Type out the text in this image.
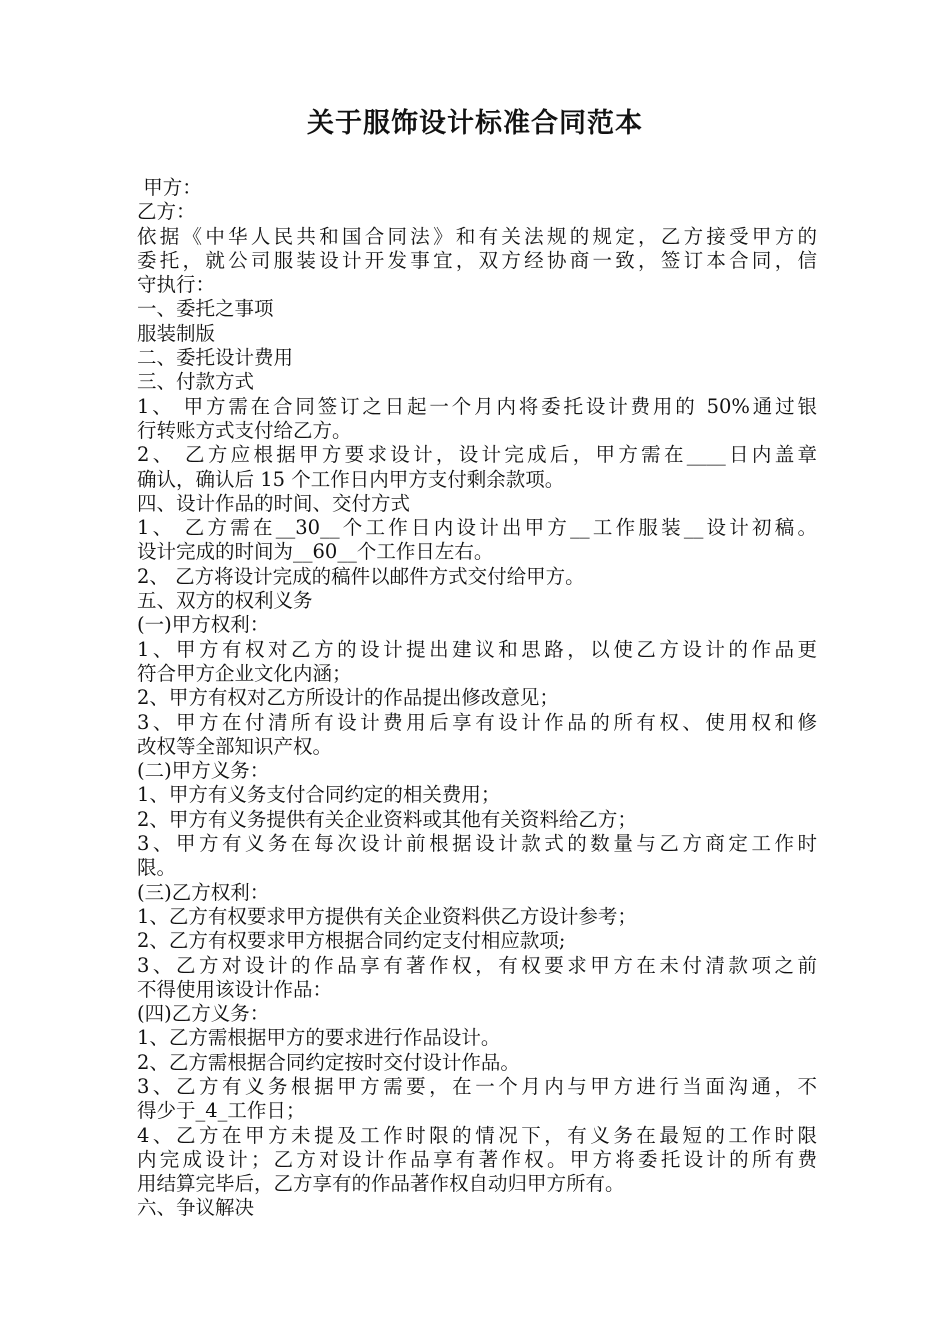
关于服饰设计标准合同范本
甲方：
乙方：
依据《中华人民共和国合同法》和有关法规的规定，乙方接受甲方的
委托，就公司服装设计开发事宜，双方经协商一致，签订本合同，信
守执行：
一、委托之事项
服装制版
二、委托设计费用
三、付款方式
1、 甲方需在合同签订之日起一个月内将委托设计费用的 50%通过银
行转账方式支付给乙方。
2、 乙方应根据甲方要求设计，设计完成后，甲方需在____日内盖章
确认，确认后 15 个工作日内甲方支付剩余款项。
四、设计作品的时间、交付方式
1、 乙方需在__30__个工作日内设计出甲方__工作服装__设计初稿。
设计完成的时间为__60__个工作日左右。
2、 乙方将设计完成的稿件以邮件方式交付给甲方。
五、双方的权利义务
(一)甲方权利：
1、甲方有权对乙方的设计提出建议和思路，以使乙方设计的作品更
符合甲方企业文化内涵；
2、甲方有权对乙方所设计的作品提出修改意见；
3、甲方在付清所有设计费用后享有设计作品的所有权、使用权和修
改权等全部知识产权。
(二)甲方义务：
1、甲方有义务支付合同约定的相关费用；
2、甲方有义务提供有关企业资料或其他有关资料给乙方；
3、甲方有义务在每次设计前根据设计款式的数量与乙方商定工作时
限。
(三)乙方权利：
1、乙方有权要求甲方提供有关企业资料供乙方设计参考；
2、乙方有权要求甲方根据合同约定支付相应款项;
3、乙方对设计的作品享有著作权，有权要求甲方在未付清款项之前
不得使用该设计作品：
(四)乙方义务：
1、乙方需根据甲方的要求进行作品设计。
2、乙方需根据合同约定按时交付设计作品。
3、乙方有义务根据甲方需要，在一个月内与甲方进行当面沟通，不
得少于_4_工作日；
4、乙方在甲方未提及工作时限的情况下，有义务在最短的工作时限
内完成设计；乙方对设计作品享有著作权。甲方将委托设计的所有费
用结算完毕后，乙方享有的作品著作权自动归甲方所有。
六、争议解决
